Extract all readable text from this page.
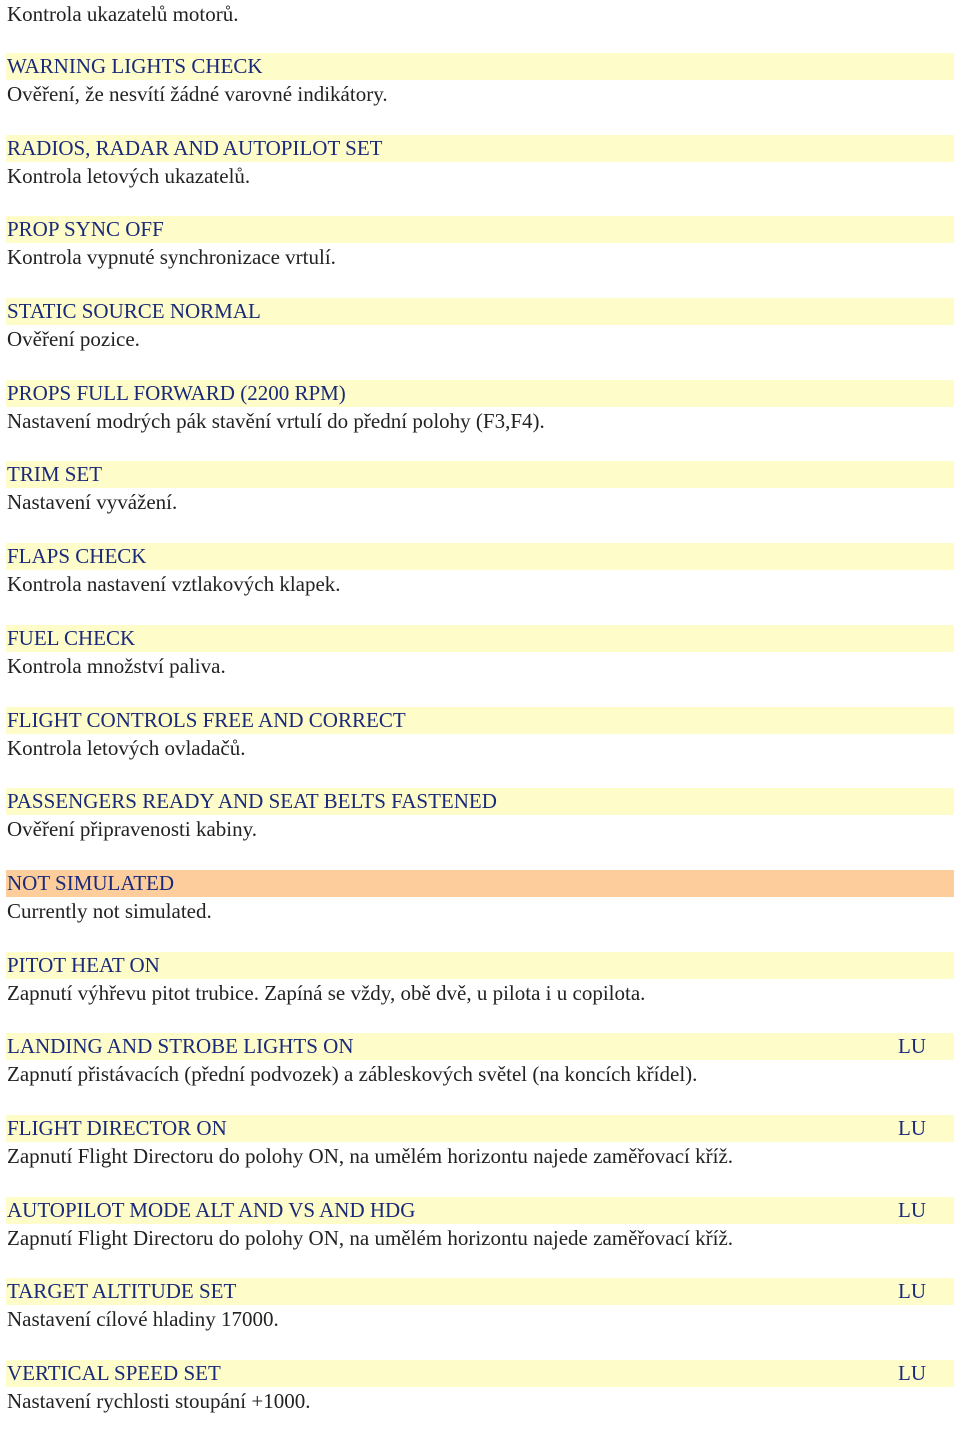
Kontrola ukazatelů motorů.

WARNING LIGHTS CHECK
Ověření, že nesvítí žádné varovné indikátory.
RADIOS, RADAR AND AUTOPILOT SET
Kontrola letových ukazatelů.
PROP SYNC OFF
Kontrola vypnuté synchronizace vrtulí.
STATIC SOURCE NORMAL
Ověření pozice.
PROPS FULL FORWARD (2200 RPM)
Nastavení modrých pák stavění vrtulí do přední polohy (F3,F4).
TRIM SET
Nastavení vyvážení.
FLAPS CHECK
Kontrola nastavení vztlakových klapek.
FUEL CHECK
Kontrola množství paliva.
FLIGHT CONTROLS FREE AND CORRECT
Kontrola letových ovladačů.
PASSENGERS READY AND SEAT BELTS FASTENED
Ověření připravenosti kabiny.
NOT SIMULATED
Currently not simulated.
PITOT HEAT ON
Zapnutí výhřevu pitot trubice. Zapíná se vždy, obě dvě, u pilota i u copilota.
LANDING AND STROBE LIGHTS ON	LU
Zapnutí přistávacích (přední podvozek) a zábleskových světel (na koncích křídel).
FLIGHT DIRECTOR ON	LU
Zapnutí Flight Directoru do polohy ON, na umělém horizontu najede zaměřovací kříž.
AUTOPILOT MODE ALT AND VS AND HDG	LU
Zapnutí Flight Directoru do polohy ON, na umělém horizontu najede zaměřovací kříž.
TARGET ALTITUDE SET	LU
Nastavení cílové hladiny 17000.
VERTICAL SPEED SET	LU
Nastavení rychlosti stoupání +1000.
